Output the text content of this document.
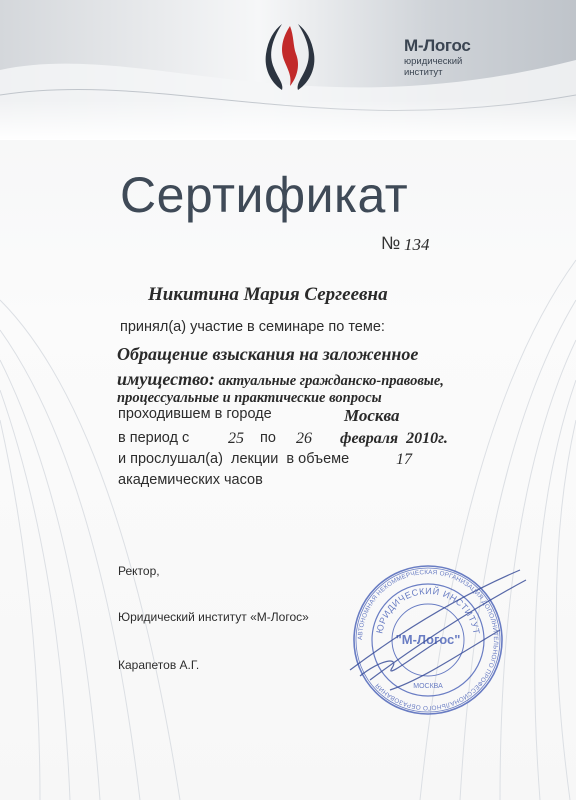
М-Логос
юридический
институт
Сертификат
№ 134
Никитина Мария Сергеевна
принял(а) участие в семинаре по теме:
Обращение взыскания на заложенное
имущество: актуальные гражданско-правовые,
процессуальные и практические вопросы
проходившем в городе	Москва
в период с 25 по 26 февраля  2010г.
и прослушал(а)  лекции  в объеме	17
академических часов
Ректор,
Юридический институт «М-Логос»
Карапетов А.Г.
АВТОНОМНАЯ НЕКОММЕРЧЕСКАЯ ОРГАНИЗАЦИЯ ДОПОЛНИТЕЛЬНОГО ПРОФЕССИОНАЛЬНОГО ОБРАЗОВАНИЯ
ЮРИДИЧЕСКИЙ ИНСТИТУТ
"М-Логос"
МОСКВА
